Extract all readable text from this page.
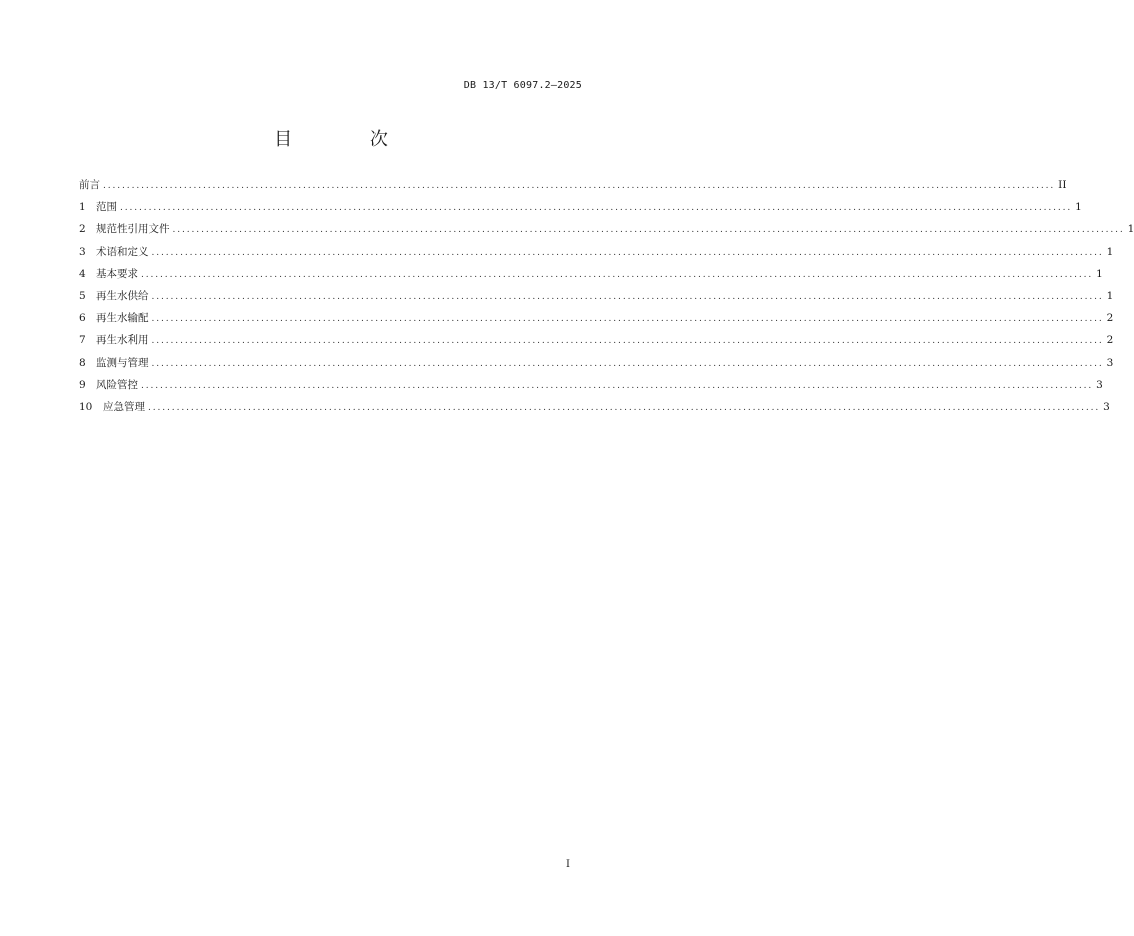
DB 13/T 6097.2—2025
目 次
前言 ........................................................................................................................................................................................................ II
1 范围 ........................................................................................................................................................................................................ 1
2 规范性引用文件 ........................................................................................................................................................................................................ 1
3 术语和定义 ........................................................................................................................................................................................................ 1
4 基本要求 ........................................................................................................................................................................................................ 1
5 再生水供给 ........................................................................................................................................................................................................ 1
6 再生水输配 ........................................................................................................................................................................................................ 2
7 再生水利用 ........................................................................................................................................................................................................ 2
8 监测与管理 ........................................................................................................................................................................................................ 3
9 风险管控 ........................................................................................................................................................................................................ 3
10	应急管理 ........................................................................................................................................................................................................ 3
I
